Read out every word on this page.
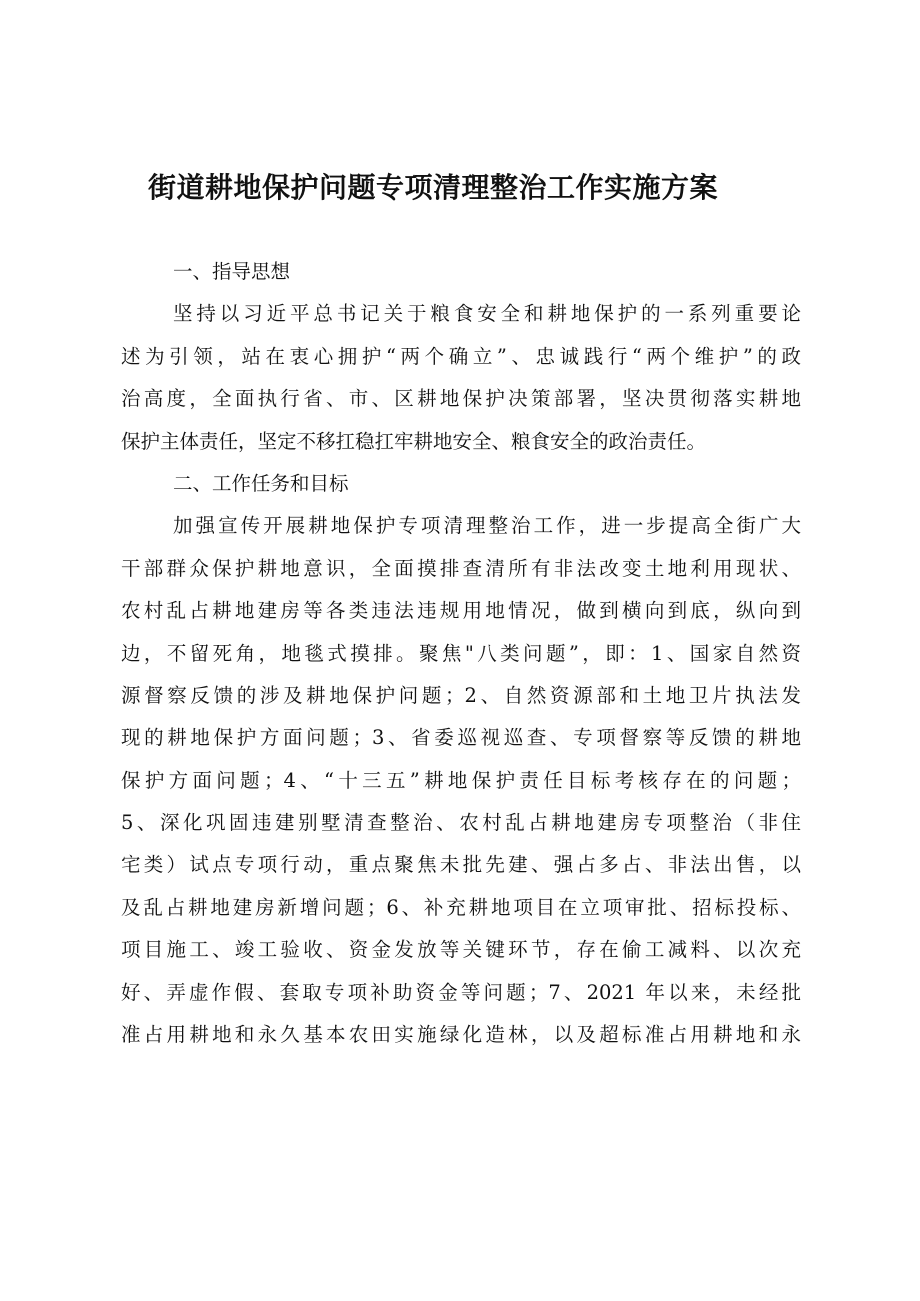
街道耕地保护问题专项清理整治工作实施方案
一、指导思想

坚持以习近平总书记关于粮食安全和耕地保护的一系列重要论
述为引领，站在衷心拥护“两个确立”、忠诚践行“两个维护”的政
治高度，全面执行省、市、区耕地保护决策部署，坚决贯彻落实耕地
保护主体责任，坚定不移扛稳扛牢耕地安全、粮食安全的政治责任。

二、工作任务和目标

加强宣传开展耕地保护专项清理整治工作，进一步提高全街广大
干部群众保护耕地意识，全面摸排查清所有非法改变土地利用现状、
农村乱占耕地建房等各类违法违规用地情况，做到横向到底，纵向到
边，不留死角，地毯式摸排。聚焦"八类问题”，即：1、国家自然资
源督察反馈的涉及耕地保护问题；2、自然资源部和土地卫片执法发
现的耕地保护方面问题；3、省委巡视巡查、专项督察等反馈的耕地
保护方面问题；4、“十三五”耕地保护责任目标考核存在的问题；
5、深化巩固违建别墅清查整治、农村乱占耕地建房专项整治（非住
宅类）试点专项行动，重点聚焦未批先建、强占多占、非法出售，以
及乱占耕地建房新增问题；6、补充耕地项目在立项审批、招标投标、
项目施工、竣工验收、资金发放等关键环节，存在偷工减料、以次充
好、弄虚作假、套取专项补助资金等问题；7、2021 年以来，未经批
准占用耕地和永久基本农田实施绿化造林，以及超标准占用耕地和永
